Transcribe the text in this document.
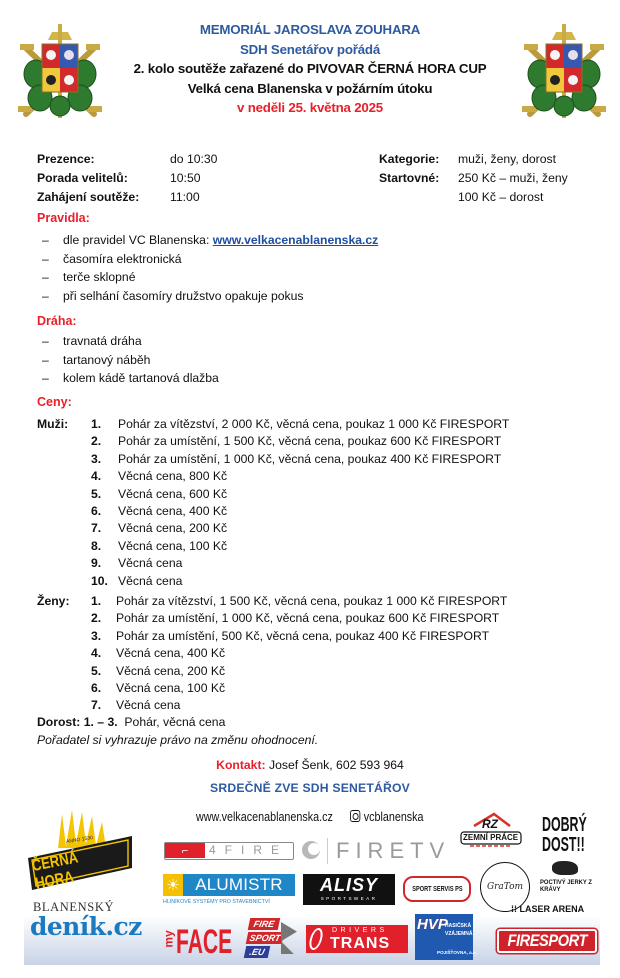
MEMORIÁL JAROSLAVA ZOUHARA
SDH Senetářov pořádá
2. kolo soutěže zařazené do PIVOVAR ČERNÁ HORA CUP
Velká cena Blanenska v požárním útoku
v neděli 25. května 2025
Prezence:	do 10:30
Porada velitelů:	10:50
Zahájení soutěže:	11:00
Kategorie: muži, ženy, dorost
Startovné: 250 Kč – muži, ženy
100 Kč – dorost
Pravidla:
– dle pravidel VC Blanenska: www.velkacenablanenska.cz
– časomíra elektronická
– terče sklopné
– při selhání časomíry družstvo opakuje pokus
Dráha:
– travnatá dráha
– tartanový náběh
– kolem kádě tartanová dlažba
Ceny:
Muži: 1. Pohár za vítězství, 2 000 Kč, věcná cena, poukaz 1 000 Kč FIRESPORT
2. Pohár za umístění, 1 500 Kč, věcná cena, poukaz 600 Kč FIRESPORT
3. Pohár za umístění, 1 000 Kč, věcná cena, poukaz 400 Kč FIRESPORT
4. Věcná cena, 800 Kč
5. Věcná cena, 600 Kč
6. Věcná cena, 400 Kč
7. Věcná cena, 200 Kč
8. Věcná cena, 100 Kč
9. Věcná cena
10. Věcná cena
Ženy: 1. Pohár za vítězství, 1 500 Kč, věcná cena, poukaz 1 000 Kč FIRESPORT
2. Pohár za umístění, 1 000 Kč, věcná cena, poukaz 600 Kč FIRESPORT
3. Pohár za umístění, 500 Kč, věcná cena, poukaz 400 Kč FIRESPORT
4. Věcná cena, 400 Kč
5. Věcná cena, 200 Kč
6. Věcná cena, 100 Kč
7. Věcná cena
Dorost: 1. – 3. Pohár, věcná cena
Pořadatel si vyhrazuje právo na změnu ohodnocení.
Kontakt: Josef Šenk, 602 593 964
SRDEČNĚ ZVE SDH SENETÁŘOV
www.velkacenablanenska.cz	vcblanenska
ANNO 1530
ČERNÁ HORA
BLANENSKÝ
deník.cz
⌐	4FIRE FIRETV
RZ
ZEMNÍ PRÁCE
DOBRÝ
DOST!!
POCTIVÝ JERKY Z KRÁVY
☀ ALUMISTR
HLINÍKOVÉ SYSTÉMY PRO STAVEBNICTVÍ
ALISY
SPORTSWEAR
SPORT SERVIS PS	GraTom
⁞⁞ LASER ARENA
my FACE	FIRE
SPORT
.EU
DRIVERS
TRANS
HVP
HASIČSKÁ
VZÁJEMNÁ
POJIŠŤOVNA, a.s.
FIRESPORT
